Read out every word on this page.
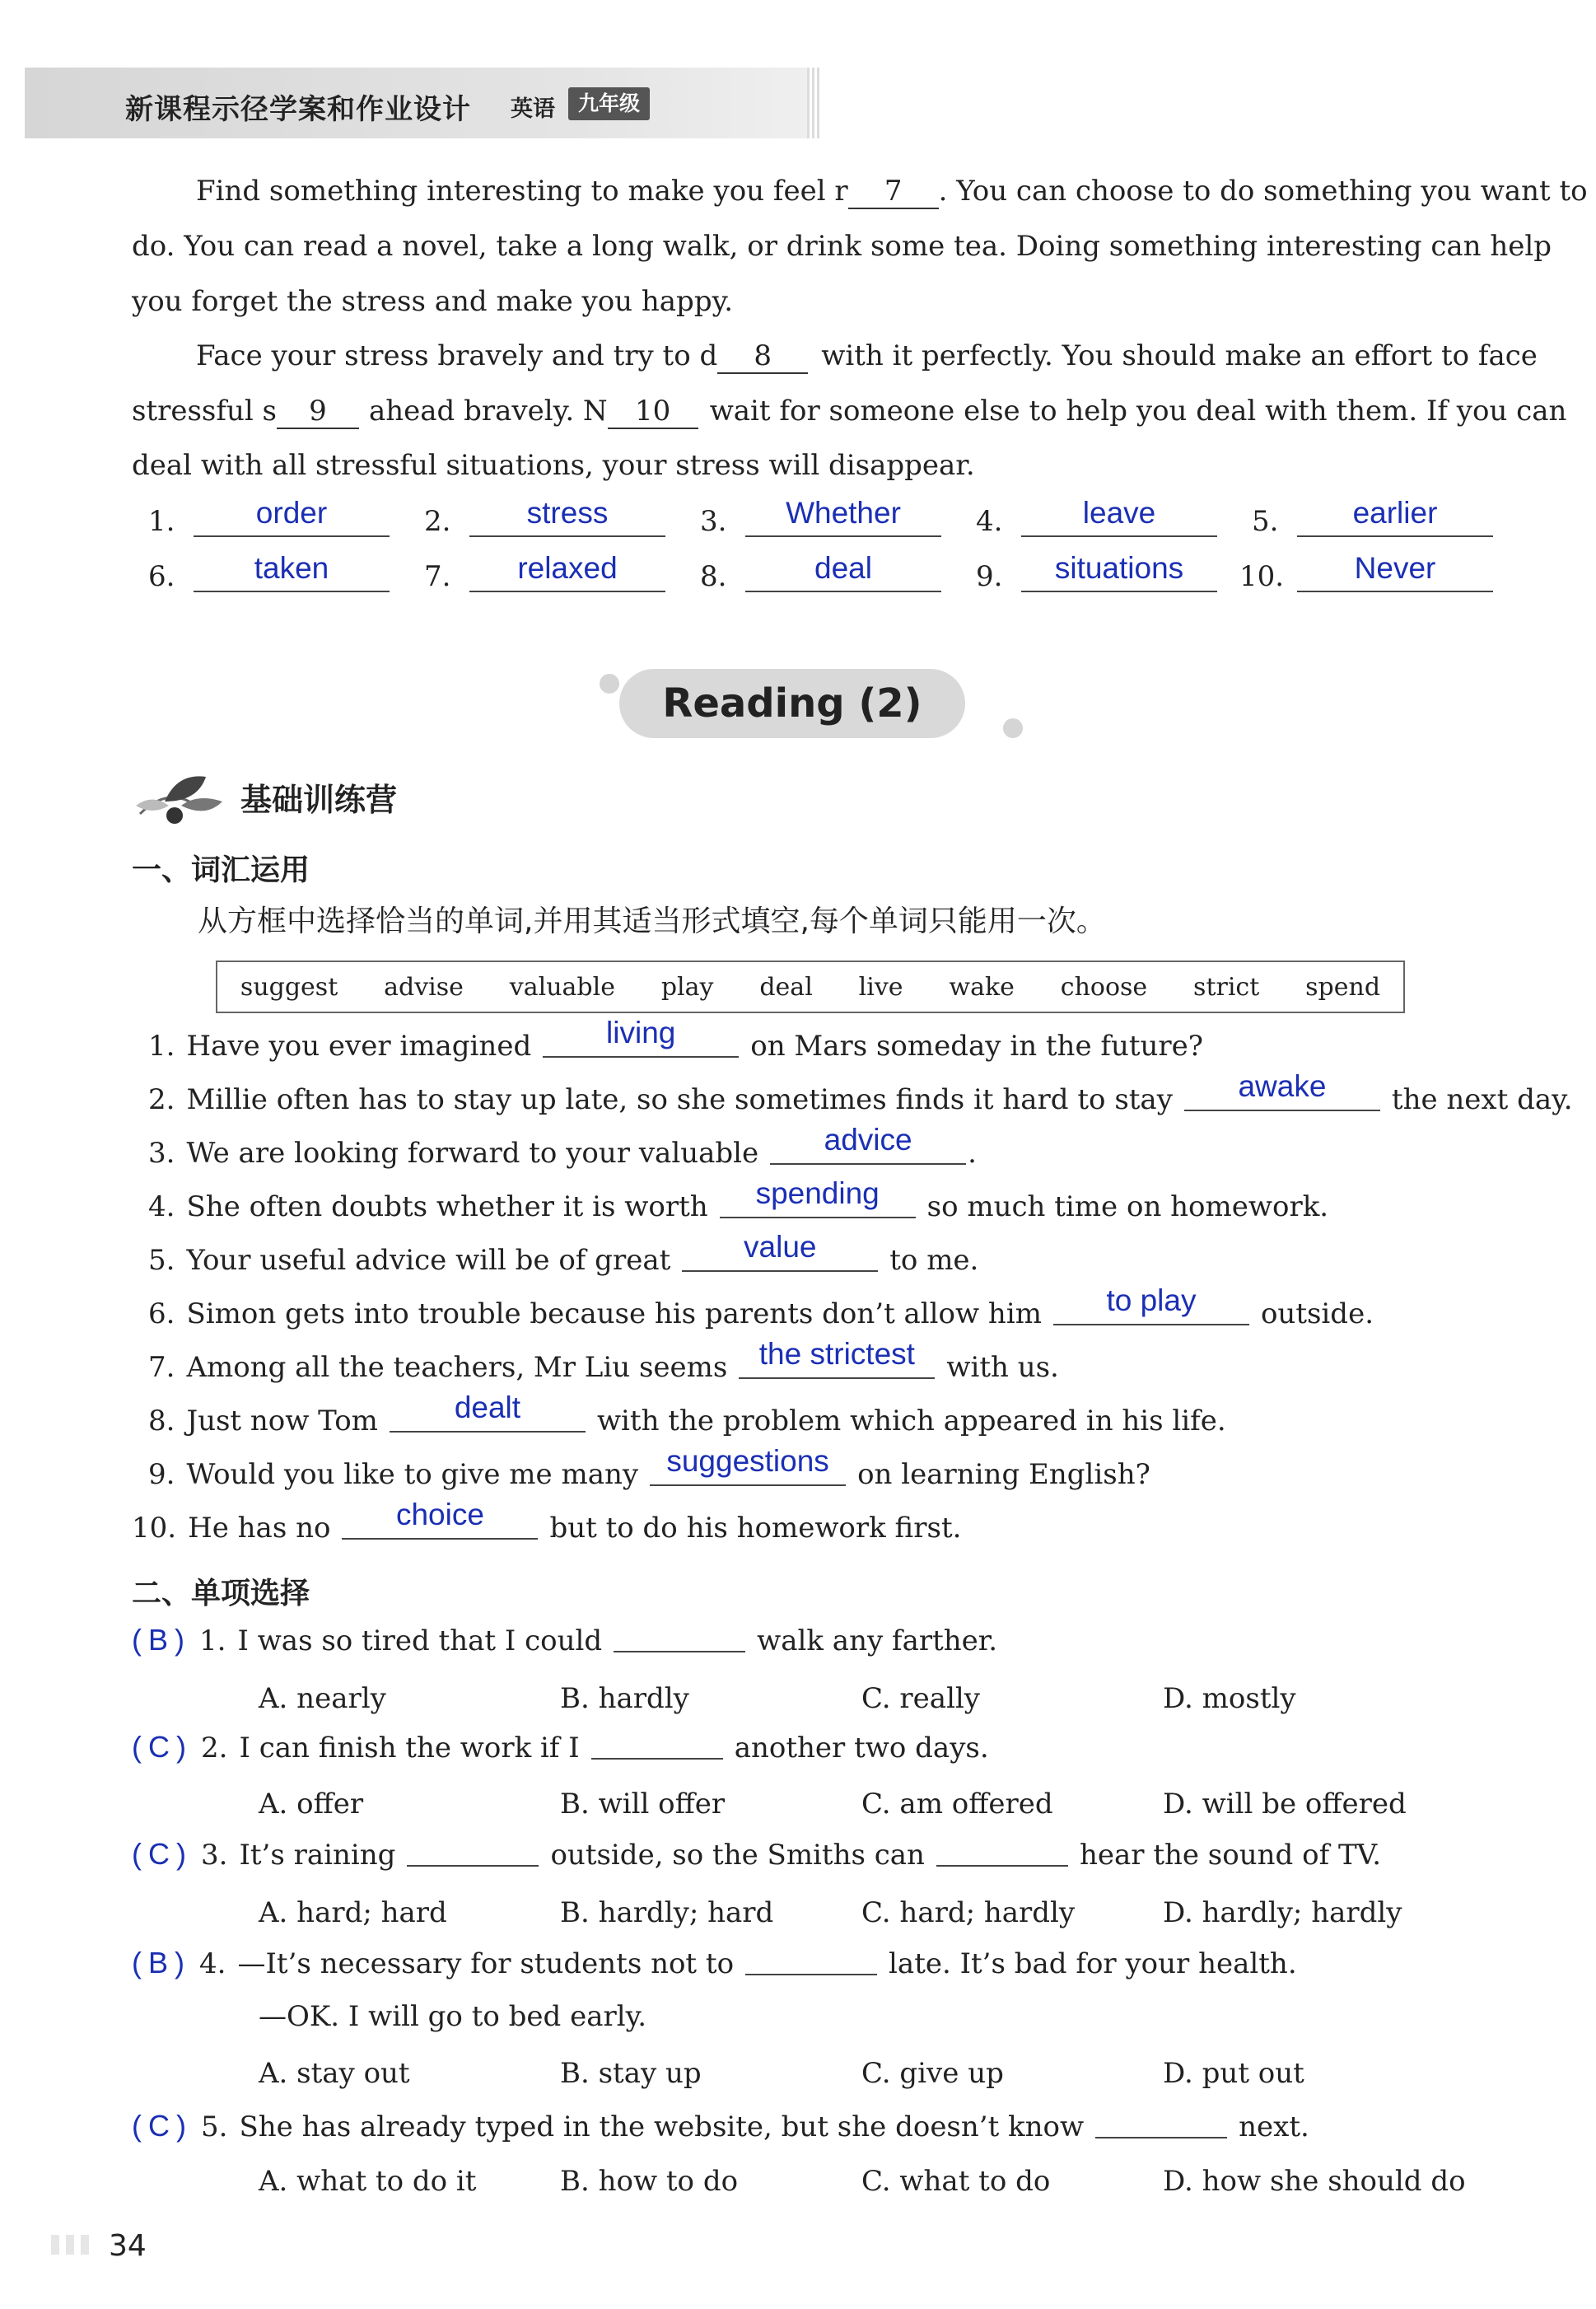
新课程示径学案和作业设计 英语	九年级
Find something interesting to make you feel r 7 . You can choose to do something you want to
do. You can read a novel, take a long walk, or drink some tea. Doing something interesting can help
you forget the stress and make you happy.
Face your stress bravely and try to d 8 with it perfectly. You should make an effort to face
stressful s 9 ahead bravely. N 10 wait for someone else to help you deal with them. If you can
deal with all stressful situations, your stress will disappear.
1.	order	2.	stress	3.	Whether	4.	leave	5.	earlier
6.	taken	7.	relaxed	8.	deal	9.	situations	10.	Never
Reading (2)
基础训练营
一、词汇运用
从方框中选择恰当的单词,并用其适当形式填空,每个单词只能用一次。
suggest advise valuable play deal live wake choose strict spend
1. Have you ever imagined	living	on Mars someday in the future?
2. Millie often has to stay up late, so she sometimes finds it hard to stay	awake	the next day.
3. We are looking forward to your valuable	advice	.
4. She often doubts whether it is worth	spending	so much time on homework.
5. Your useful advice will be of great	value	to me.
6. Simon gets into trouble because his parents don’t allow him	to play	outside.
7. Among all the teachers, Mr Liu seems	the strictest	with us.
8. Just now Tom	dealt	with the problem which appeared in his life.
9. Would you like to give me many suggestions	on learning English?
10. He has no	choice	but to do his homework first.
二、单项选择
( B ) 1. I was so tired that I could	walk any farther.
A. nearly	B. hardly	C. really	D. mostly
( C ) 2. I can finish the work if I	another two days.
A. offer	B. will offer	C. am offered	D. will be offered
( C ) 3. It’s raining	outside, so the Smiths can	hear the sound of TV.
A. hard; hard	B. hardly; hard	C. hard; hardly	D. hardly; hardly
( B ) 4. —It’s necessary for students not to	late. It’s bad for your health.
—OK. I will go to bed early.
A. stay out	B. stay up	C. give up	D. put out
( C ) 5. She has already typed in the website, but she doesn’t know	next.
A. what to do it	B. how to do	C. what to do	D. how she should do
34
